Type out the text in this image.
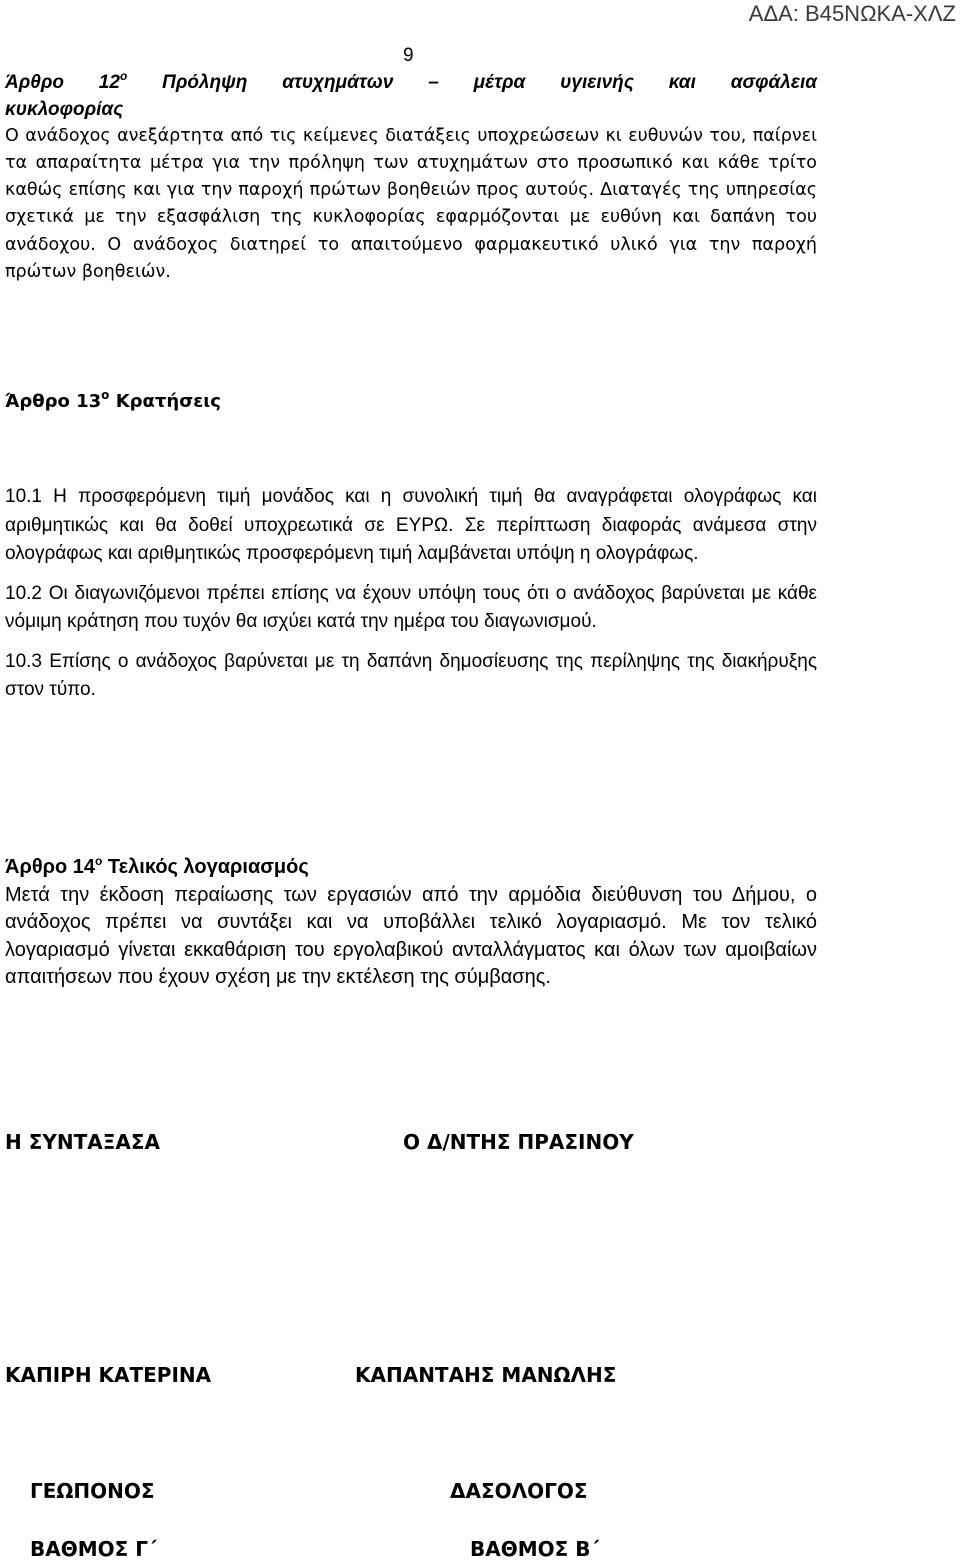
ΑΔΑ: Β45ΝΩΚΑ-ΧΛΖ
9
Άρθρο $12^o$ Πρόληψη ατυχημάτων – μέτρα υγιεινής και ασφάλεια
κυκλοφορίας
Ο ανάδοχος ανεξάρτητα από τις κείμενες διατάξεις υποχρεώσεων κι ευθυνών του, παίρνει τα απαραίτητα μέτρα για την πρόληψη των ατυχημάτων στο προσωπικό και κάθε τρίτο καθώς επίσης και για την παροχή πρώτων βοηθειών προς αυτούς. Διαταγές της υπηρεσίας σχετικά με την εξασφάλιση της κυκλοφορίας εφαρμόζονται με ευθύνη και δαπάνη του ανάδοχου. Ο ανάδοχος διατηρεί το απαιτούμενο φαρμακευτικό υλικό για την παροχή πρώτων βοηθειών.
Άρθρο $13^o$ Κρατήσεις

10.1 Η προσφερόμενη τιμή μονάδος και η συνολική τιμή θα αναγράφεται ολογράφως και αριθμητικώς και θα δοθεί υποχρεωτικά σε ΕΥΡΩ. Σε περίπτωση διαφοράς ανάμεσα στην ολογράφως και αριθμητικώς προσφερόμενη τιμή λαμβάνεται υπόψη η ολογράφως.

10.2 Οι διαγωνιζόμενοι πρέπει επίσης να έχουν υπόψη τους ότι ο ανάδοχος βαρύνεται με κάθε νόμιμη κράτηση που τυχόν θα ισχύει κατά την ημέρα του διαγωνισμού.

10.3 Επίσης ο ανάδοχος βαρύνεται με τη δαπάνη δημοσίευσης της περίληψης της διακήρυξης στον τύπο.

Άρθρο $14^o$ Τελικός λογαριασμός
Μετά την έκδοση περαίωσης των εργασιών από την αρμόδια διεύθυνση του Δήμου, ο ανάδοχος πρέπει να συντάξει και να υποβάλλει τελικό λογαριασμό. Με τον τελικό λογαριασμό γίνεται εκκαθάριση του εργολαβικού ανταλλάγματος και όλων των αμοιβαίων απαιτήσεων που έχουν σχέση με την εκτέλεση της σύμβασης.
Η ΣΥΝΤΑΞΑΣΑ	Ο Δ/ΝΤΗΣ ΠΡΑΣΙΝΟΥ
ΚΑΠΙΡΗ ΚΑΤΕΡΙΝΑ	ΚΑΠΑΝΤΑΗΣ ΜΑΝΩΛΗΣ
ΓΕΩΠΟΝΟΣ	ΔΑΣΟΛΟΓΟΣ
ΒΑΘΜΟΣ Γ΄	ΒΑΘΜΟΣ Β΄
